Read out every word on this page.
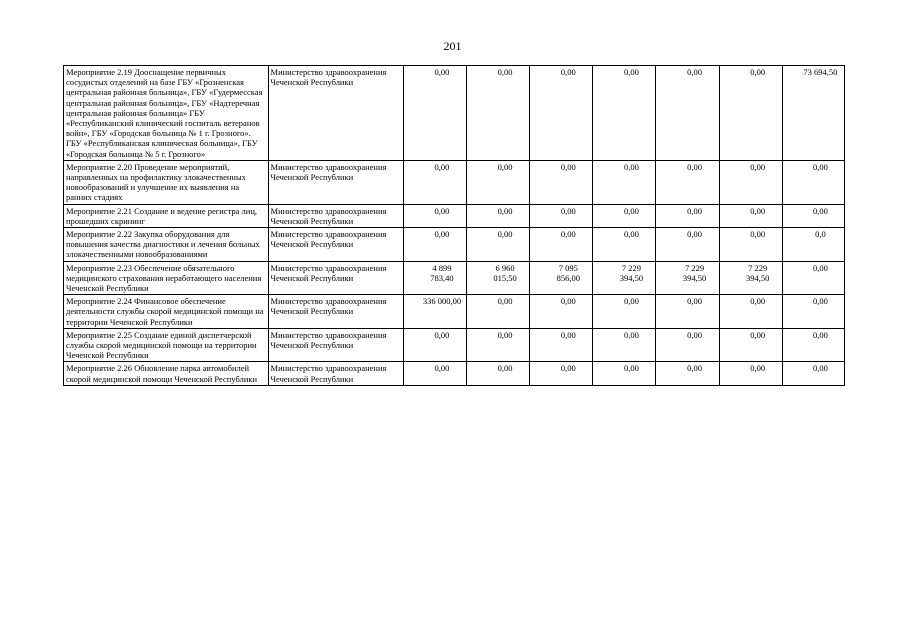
201
Мероприятие 2.19 Дооснащение первичных сосудистых отделений на базе ГБУ «Грозненская центральная районная больница», ГБУ «Гудермесская центральная районная больница», ГБУ «Надтеречная центральная районная больница» ГБУ «Республиканский клинический госпиталь ветеранов войн», ГБУ «Городская больница № 1 г. Грозного». ГБУ «Республиканская клиническая больница», ГБУ «Городская больница № 5 г. Грозного»	Министерство здравоохранения Чеченской Республики	0,00	0,00	0,00	0,00	0,00	0,00	73 694,50

Мероприятие 2.20 Проведение мероприятий, направленных на профилактику злокачественных новообразований и улучшение их выявления на ранних стадиях	Министерство здравоохранения Чеченской Республики	0,00	0,00	0,00	0,00	0,00	0,00	0,00

Мероприятие 2.21 Создание и ведение регистра лиц, прошедших скрининг	Министерство здравоохранения Чеченской Республики	0,00	0,00	0,00	0,00	0,00	0,00	0,00

Мероприятие 2.22 Закупка оборудования для повышения качества диагностики и лечения больных злокачественными новообразованиями	Министерство здравоохранения Чеченской Республики	0,00	0,00	0,00	0,00	0,00	0,00	0,0

Мероприятие 2.23 Обеспечение обязательного медицинского страхования неработающего населения Чеченской Республики	Министерство здравоохранения Чеченской Республики	4 899 783,40	6 960 015,50	7 095 856,00	7 229 394,50	7 229 394,50	7 229 394,50	0,00

Мероприятие 2.24 Финансовое обеспечение деятельности службы скорой медицинской помощи на территории Чеченской Республики	Министерство здравоохранения Чеченской Республики	336 000,00	0,00	0,00	0,00	0,00	0,00	0,00

Мероприятие 2.25 Создание единой диспетчерской службы скорой медицинской помощи на территории Чеченской Республики	Министерство здравоохранения Чеченской Республики	0,00	0,00	0,00	0,00	0,00	0,00	0,00

Мероприятие 2.26 Обновление парка автомобилей скорой медицинской помощи Чеченской Республики	Министерство здравоохранения Чеченской Республики	0,00	0,00	0,00	0,00	0,00	0,00	0,00
